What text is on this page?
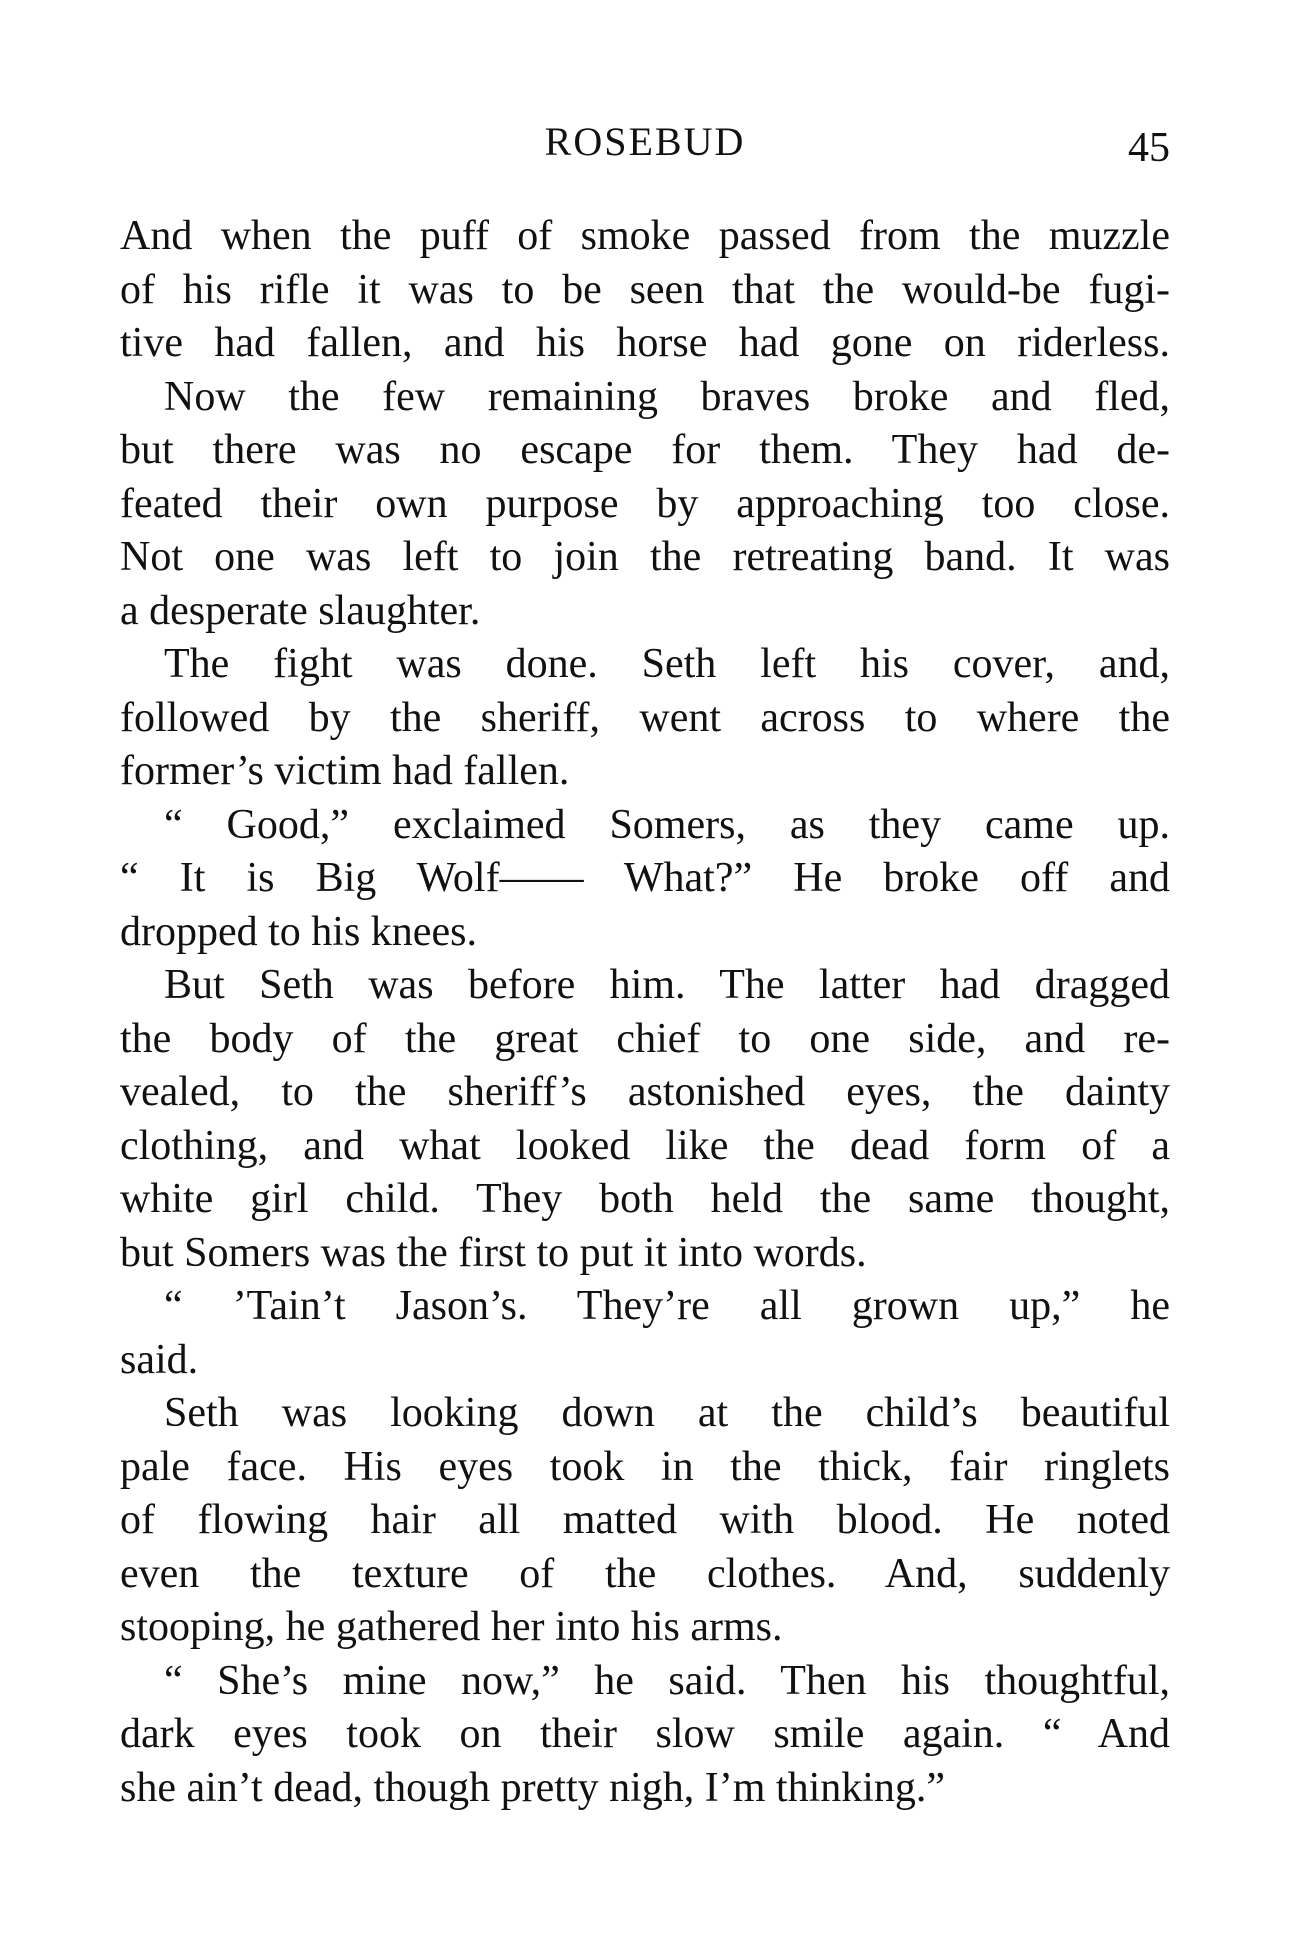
ROSEBUD	45
And when the puff of smoke passed from the muzzle
of his rifle it was to be seen that the would-be fugi-
tive had fallen, and his horse had gone on riderless.
Now the few remaining braves broke and fled,
but there was no escape for them. They had de-
feated their own purpose by approaching too close.
Not one was left to join the retreating band. It was
a desperate slaughter.
The fight was done. Seth left his cover, and,
followed by the sheriff, went across to where the
former’s victim had fallen.
“ Good,” exclaimed Somers, as they came up.
“ It is Big Wolf—— What?” He broke off and
dropped to his knees.
But Seth was before him. The latter had dragged
the body of the great chief to one side, and re-
vealed, to the sheriff’s astonished eyes, the dainty
clothing, and what looked like the dead form of a
white girl child. They both held the same thought,
but Somers was the first to put it into words.
“ ’Tain’t Jason’s. They’re all grown up,” he
said.
Seth was looking down at the child’s beautiful
pale face. His eyes took in the thick, fair ringlets
of flowing hair all matted with blood. He noted
even the texture of the clothes. And, suddenly
stooping, he gathered her into his arms.
“ She’s mine now,” he said. Then his thoughtful,
dark eyes took on their slow smile again. “ And
she ain’t dead, though pretty nigh, I’m thinking.”
